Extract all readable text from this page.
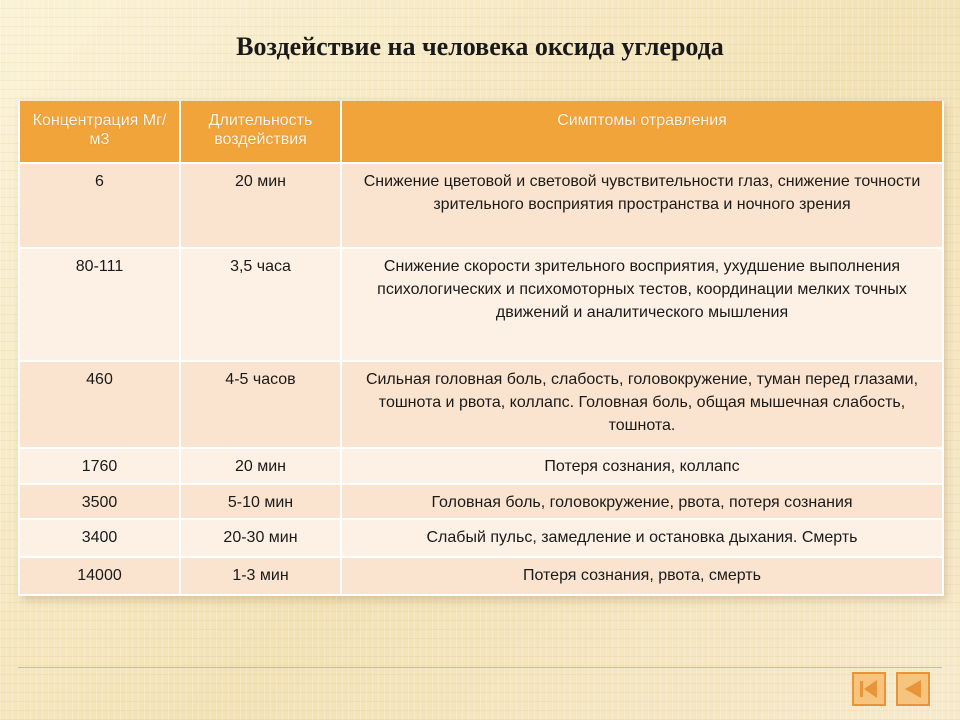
Воздействие на человека оксида углерода
Концентрация Мг/м3	Длительность воздействия	Симптомы отравления
6	20 мин	Снижение цветовой и световой чувствительности глаз, снижение точности зрительного восприятия пространства и ночного зрения
80-111	3,5 часа	Снижение скорости зрительного восприятия, ухудшение выполнения психологических и психомоторных тестов, координации мелких точных движений и аналитического мышления
460	4-5 часов	Сильная головная боль, слабость, головокружение, туман перед глазами, тошнота и рвота, коллапс. Головная боль, общая мышечная слабость, тошнота.
1760	20 мин	Потеря сознания, коллапс
3500	5-10 мин	Головная боль, головокружение, рвота, потеря сознания
3400	20-30 мин	Слабый пульс, замедление и остановка дыхания. Смерть
14000	1-3 мин	Потеря сознания, рвота, смерть
